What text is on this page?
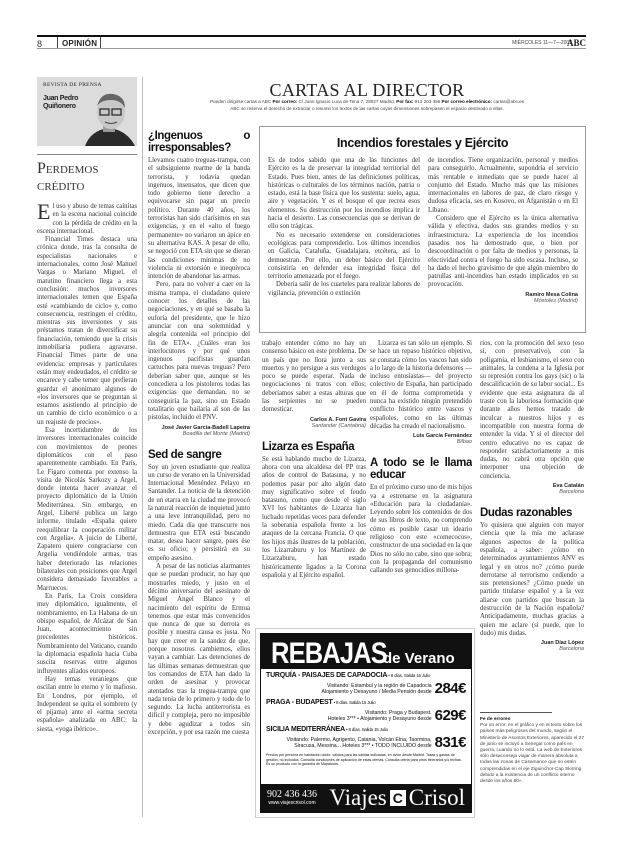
8	OPINIÓN	MIÉRCOLES 11—7—2007
ABC
REVISTA DE PRENSA
Juan Pedro Quiñonero
Perdemos crédito

El uso y abuso de temas caínitas en la escena nacional coincide con la pérdida de crédito en la escena internacional.

Financial Times destaca una crónica donde, tras la consulta de especialistas nacionales e internacionales, como José Manuel Vargas o Mariano Miguel, el matutino financiero llega a esta conclusión: muchos inversores internacionales temen que España esté «cambiando de ciclo» y, como consecuencia, restringen el crédito, mientras sus inversiones y sus préstamos tratan de diversificar su financiación, temiendo que la crisis inmobiliaria pudiera agravarse. Financial Times parte de una evidencia: empresas y particulares están muy endeudados, el crédito se encarece y cabe temer que prefieran guardar el anonimato algunos de «los inversores que se preguntan si estamos asistiendo al principio de un cambio de ciclo económico o a un reajuste de precios».

Esa incertidumbre de los inversores internacionales coincide con movimientos de peones diplomáticos con el paso aparentemente cambiado. En París, Le Figaro comenta por extenso la visita de Nicolás Sarkozy a Argel, donde intenta hacer avanzar el proyecto diplomático de la Unión Mediterránea. Sin embargo, en Argel, Liberté publica un largo informe, titulado «España quiere reequilibrar la cooperación militar con Argelia». A juicio de Liberté, Zapatero quiere congraciarse con Argelia vendiéndole armas, tras haber deteriorado las relaciones bilaterales con posiciones que Argel considera demasiado favorables a Marruecos.

En París, La Croix considera muy diplomático, igualmente, el nombramiento, en La Habana de un obispo español, de Alcázar de San Juan, acontecimiento sin precedentes históricos. Nombramiento del Vaticano, cuando la diplomacia española hacia Cuba suscita reservas entre algunos influyentes aliados europeos.

Hay temas veraniegos que oscilan entre lo eterno y lo mafioso. En Londres, por ejemplo, el Independent se quita el sombrero (y el pijama) ante el «arma secreta española» analizada en ABC: la siesta, «yoga ibérico».

CARTAS AL DIRECTOR
Pueden dirigirse cartas a ABC Por correo: C/ Juan Ignacio Luca de Tena 7, 28027 Madrid. Por fax: 913 203 356 Por correo electrónico: cartas@abc.es
ABC se reserva el derecho de extractar o resumir los textos de las cartas cuyas dimensiones sobrepasen el espacio destinado a ellas.
¿Ingenuos o irresponsables?

Llevamos cuatro treguas-trampa, con el subsiguiente rearme de la banda terrorista, y todavía quedan ingenuos, insensatos, que dicen que todo gobierno tiene derecho a equivocarse sin pagar un precio político. Durante 40 años, los terroristas han sido clarísimos en sus exigencias, y en el «alto el fuego permanente» no variaron un ápice en su alternativa KAS. A pesar de ello, se negoció con ETA sin que se dieran las condiciones mínimas de no violencia ni extorsión e inequívoca intención de abandonar las armas.

Pero, para no volver a caer en la misma trampa, el ciudadano quiere conocer los detalles de las negociaciones, y en qué se basaba la euforia del presidente, que le hizo anunciar con una solemnidad y alegría contenida «el principio del fin de ETA». ¿Cuáles eran los interlocutores y por qué unos ingenuos pacifistas guardan cartuchos para nuevas treguas? Pero deberían saber que, aunque se les concediera a los pistoleros todas las exigencias que demandan, no se conseguiría la paz, sino un Estado totalitario que bailaría al son de las pistolas, incluido el PNV.

José Javier García-Badell Lapetra
Boadilla del Monte (Madrid)
Sed de sangre

Soy un joven estudiante que realiza un curso de verano en la Universidad Internacional Menéndez Pelayo en Santander. La noticia de la detención de un etarra en la ciudad me provocó la natural reacción de inquietud junto a una leve intranquilidad, pero no miedo. Cada día que transcurre nos demuestra que ETA está buscando matar, desea hacer sangre, pues ése es su oficio; y persistirá en su empeño asesino.

A pesar de las noticias alarmantes que se puedan producir, no hay que mostrarles miedo, y justo en el décimo aniversario del asesinato de Miguel Ángel Blanco y el nacimiento del espíritu de Ermua tenemos que estar más convencidos que nunca de que su derrota es posible y nuestra causa es justa. No hay que creer en la sandez de que, porque nosotros cambiemos, ellos vayan a cambiar. Las detenciones de las últimas semanas demuestran que los comandos de ETA han dado la orden de asesinar y provocar atentados tras la tregua-trampa que nada tenía de lo primero y todo de lo segundo. La lucha antiterrorista es difícil y compleja, pero no imposible y debe agudizar a todos sin excepción, y por esa razón me cuesta

Incendios forestales y Ejército

Es de todos sabido que una de las funciones del Ejército es la de preservar la integridad territorial del Estado. Pues bien, antes de las definiciones políticas, históricas o culturales de los términos nación, patria o estado, está la base física que los sustenta: suelo, agua, aire y vegetación. Y es el bosque el que recrea esos elementos. Su destrucción por los incendios implica ir hacia el desierto. Las consecuencias que se derivan de ello son trágicas.

No es necesario extenderse en consideraciones ecológicas para comprenderlo. Los últimos incendios en Galicia, Cataluña, Guadalajara, etcétera, así lo demuestran. Por ello, un deber básico del Ejército consistiría en defender esa integridad física del territorio amenazada por el fuego.

Debería salir de los cuarteles para realizar labores de vigilancia, prevención o extinción

de incendios. Tiene organización, personal y medios para conseguirlo. Actualmente, supondría el servicio más rentable e inmediato que se puede hacer al conjunto del Estado. Mucho más que las misiones internacionales en labores de paz, de claro riesgo y dudosa eficacia, ses en Kosovo, en Afganistán o en El Líbano.

Considero que el Ejército es la única alternativa válida y efectiva, dados sus grandes medios y su infraestructura. La experiencia de los incendios pasados nos ha demostrado que, o bien por descoordinación o por falta de medios y personas, la efectividad contra el fuego ha sido escasa. Incluso, se ha dado el hecho gravísimo de que algún miembro de patrullas anti-incendios han estado implicados en su provocación.

Ramiro Mesa Colina
Móstoles (Madrid)

trabajo entender cómo no hay un consenso básico en este problema. De un país que no llora junto a sus muertos y no persigue a sus verdugos poco se puede esperar. Nada de negociaciones ni tratos con ellos; deberíamos saber a estas alturas que las serpientes no se pueden domesticar.

Carlos A. Font Gavira
Santander (Cantabria)
Lizarza es España

Se está hablando mucho de Lizarza, ahora con una alcaldesa del PP tras años de control de Batasuna, y no podemos pasar por alto algún dato muy significativo sobre el feudo batasuno, como que desde el siglo XVI los habitantes de Lizarza han luchado repetidas veces para defender la soberanía española frente a los ataques de la cercana Francia. O que los hijos más ilustres de la población, los Lizarraburu y los Martínez de Lizarzaburu, han estado históricamente ligados a la Corona española y al Ejército español.

Lizarza es tan sólo un ejemplo. Si se hace un repaso histórico objetivo, se constata cómo los vascos han sido a lo largo de la historia defensores —incluso entusiastas— del proyecto colectivo de España, han participado en él de forma comprometida y nunca ha existido ningún pretendido conflicto histórico entre vascos y españoles, como en las últimas décadas ha creado el nacionalismo.

Luis García Fernández
Bilbao
A todo se le llama educar

En el próximo curso uno de mis hijos va a estrenarse en la asignatura «Educación para la ciudadanía». Leyendo sobre los contenidos de dos de sus libros de texto, no comprendo cómo es posible casar un ideario religioso con este «comecocos», constructor de una sociedad en la que Dios no sólo no cabe, sino que sobra; con la propaganda del comunismo callando sus genocidios millona-

rios, con la promoción del sexo (eso sí, con preservativo), con la poligamia, el lesbianismo, el sexo con animales, la condena a la Iglesia por su represión contra los gays (sic) o la descalificación de su labor social... Es evidente que esta asignatura da al traste con la laboriosa formación que durante años hemos tratado de inculcar a nuestros hijos y es incompatible con nuestra forma de entender la vida. Y si el director del centro educativo no es capaz de responder satisfactoriamente a mis dudas, no cabrá otra opción que interponer una objeción de conciencia.

Eva Catalán
Barcelona
Dudas razonables

Yo quisiera que alguien con mayor ciencia que la mía me aclarase algunos aspectos de la política española, a saber: ¿cómo en determinados ayuntamientos ANV es legal y en otros no? ¿cómo puede derrotarse al terrorismo cediendo a sus pretensiones? ¿Cómo puede un partido titularse español y a la vez aliarse con partidos que buscan la destrucción de la Nación española? Anticipadamente, muchas gracias a quien me aclare (si puede, que lo dudo) mis dudas.

Juan Díaz López
Barcelona
Fe de errores
Por un error, en el gráfico y en el texto sobre los países más peligrosos del mundo, según el Ministerio de Asuntos Exteriores, aparecido el 27 de junio se incluyó a Senegal como país en guerra, cuando no lo está. La web de Exteriores sólo desaconseja viajar de manera absoluta a todas las zonas de Casamance que no estén comprendidas en el eje Ziguinchor-Cap Skirring debido a la existencia de un conflicto interno desde los años 80».
REBAJAS
de Verano
TURQUÍA - PAISAJES DE CAPADOCIA • 8 días. Salida 16 Julio
Visitando: Estambul y la región de Capadocia
Alojamiento y Desayuno / Media Pensión desde 284€
PRAGA - BUDAPEST • 8 días. Salida 15 Julio
Visitando: Praga y Budapest.
Hoteles 3*** • Alojamiento y Desayuno desde 629€
SICILIA MEDITERRÁNEA • 8 días. Salida 15 Julio
Visitando: Palermo, Agrigento, Catania, Volcán Etna, Taormina,
Siracusa, Messina... Hoteles 3*** • TODO INCLUIDO desde 831€
Precios por persona en habitación doble, válidos para las salidas indicadas, en avión desde Madrid. Tasas y gastos de gestión, no incluidos. Consulta condiciones de aplicación de estas ofertas. Consulta oferta para otros itinerarios y/o fechas. Es un producto con la garantía de Mapatours.
902 436 436
www.viajescrisol.com Viajes C Crisol
